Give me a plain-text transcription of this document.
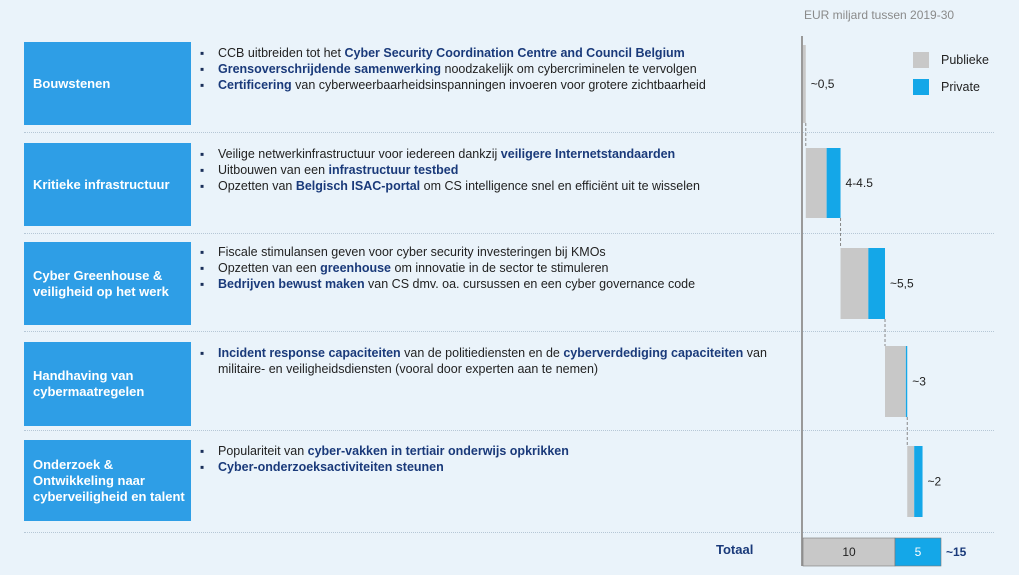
EUR miljard tussen 2019-30
Bouwstenen
▪ CCB uitbreiden tot het Cyber Security Coordination Centre and Council Belgium
▪ Grensoverschrijdende samenwerking noodzakelijk om cybercriminelen te vervolgen
▪ Certificering van cyberweerbaarheidsinspanningen invoeren voor grotere zichtbaarheid
Kritieke infrastructuur
▪ Veilige netwerkinfrastructuur voor iedereen dankzij veiligere Internetstandaarden
▪ Uitbouwen van een infrastructuur testbed
▪ Opzetten van Belgisch ISAC-portal om CS intelligence snel en efficiënt uit te wisselen
Cyber Greenhouse & veiligheid op het werk
▪ Fiscale stimulansen geven voor cyber security investeringen bij KMOs
▪ Opzetten van een greenhouse om innovatie in de sector te stimuleren
▪ Bedrijven bewust maken van CS dmv. oa. cursussen en een cyber governance code
Handhaving van cybermaatregelen
▪ Incident response capaciteiten van de politiediensten en de cyberverdediging capaciteiten van militaire- en veiligheidsdiensten (vooral door experten aan te nemen)
Onderzoek & Ontwikkeling naar cyberveiligheid en talent
▪ Populariteit van cyber-vakken in tertiair onderwijs opkrikken
▪ Cyber-onderzoeksactiviteiten steunen
~0,5
4-4.5
~5,5
~3
~2
10	5 ~15
Publieke
Private
Totaal
